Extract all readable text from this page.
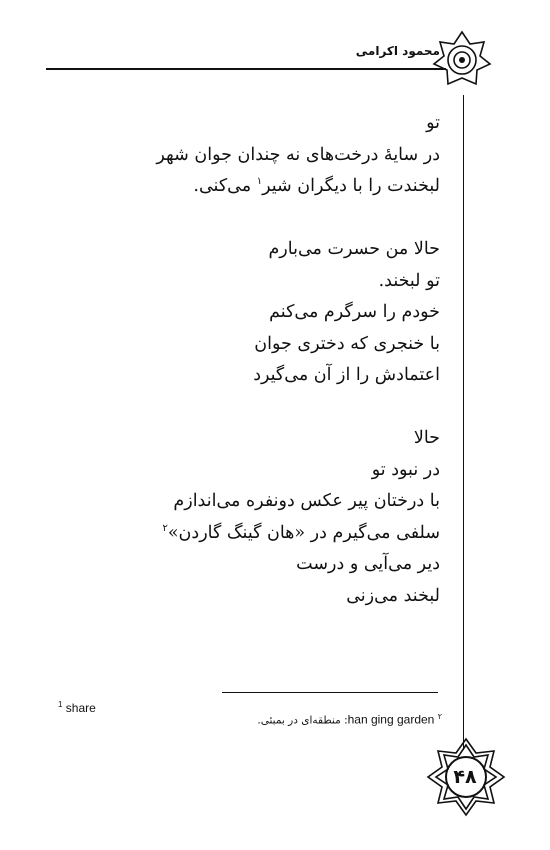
محمود اکرامی
تو
در سایۀ درخت‌های نه چندان جوان شهر
لبخندت را با دیگران شیر$^۱$ می‌کنی.
حالا من حسرت می‌بارم
تو لبخند.
خودم را سرگرم می‌کنم
با خنجری که دختری جوان
اعتمادش را از آن می‌گیرد
حالا
در نبود تو
با درختان پیر عکس دونفره می‌اندازم
سلفی می‌گیرم در «هان گینگ گاردن»$^۲$
دیر می‌آیی و درست
لبخند می‌زنی
$^1$ share
$^۲$ han ging garden: منطقه‌ای در بمبئی.
۴۸
